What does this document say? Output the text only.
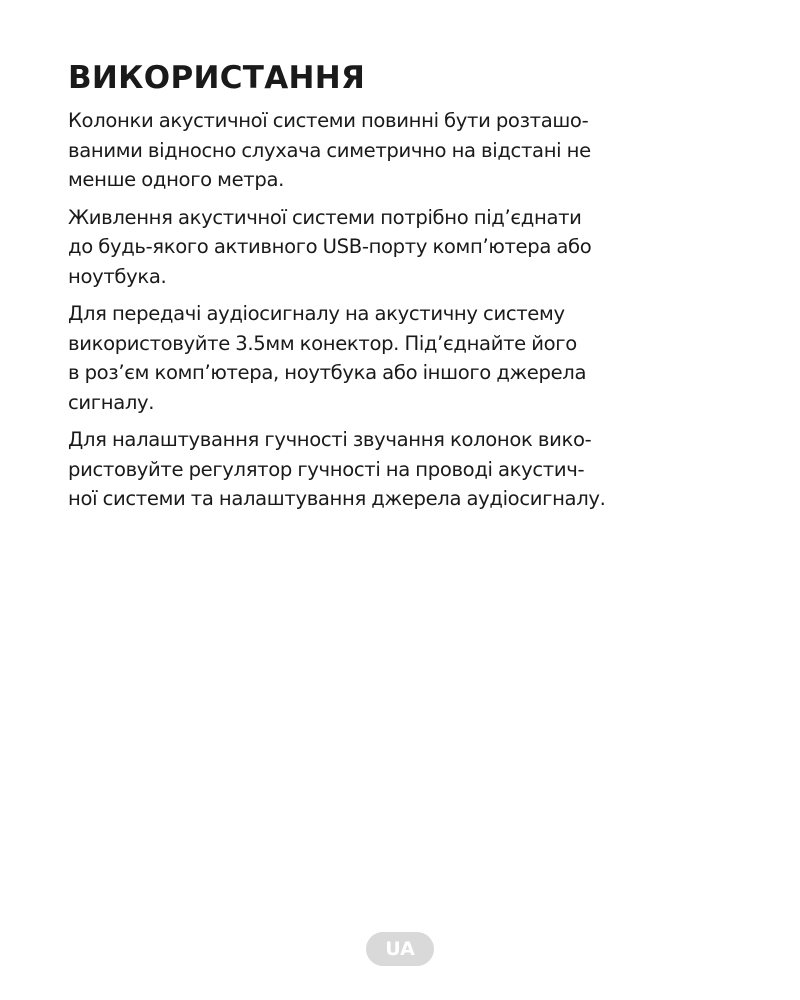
ВИКОРИСТАННЯ

Колонки акустичної системи повинні бути розташо-
ваними відносно слухача симетрично на відстані не
менше одного метра.

Живлення акустичної системи потрібно під’єднати
до будь-якого активного USB-порту комп’ютера або
ноутбука.

Для передачі аудіосигналу на акустичну систему
використовуйте 3.5мм конектор. Під’єднайте його
в роз’єм комп’ютера, ноутбука або іншого джерела
сигналу.

Для налаштування гучності звучання колонок вико-
ристовуйте регулятор гучності на проводі акустич-
ної системи та налаштування джерела аудіосигналу.

UA
